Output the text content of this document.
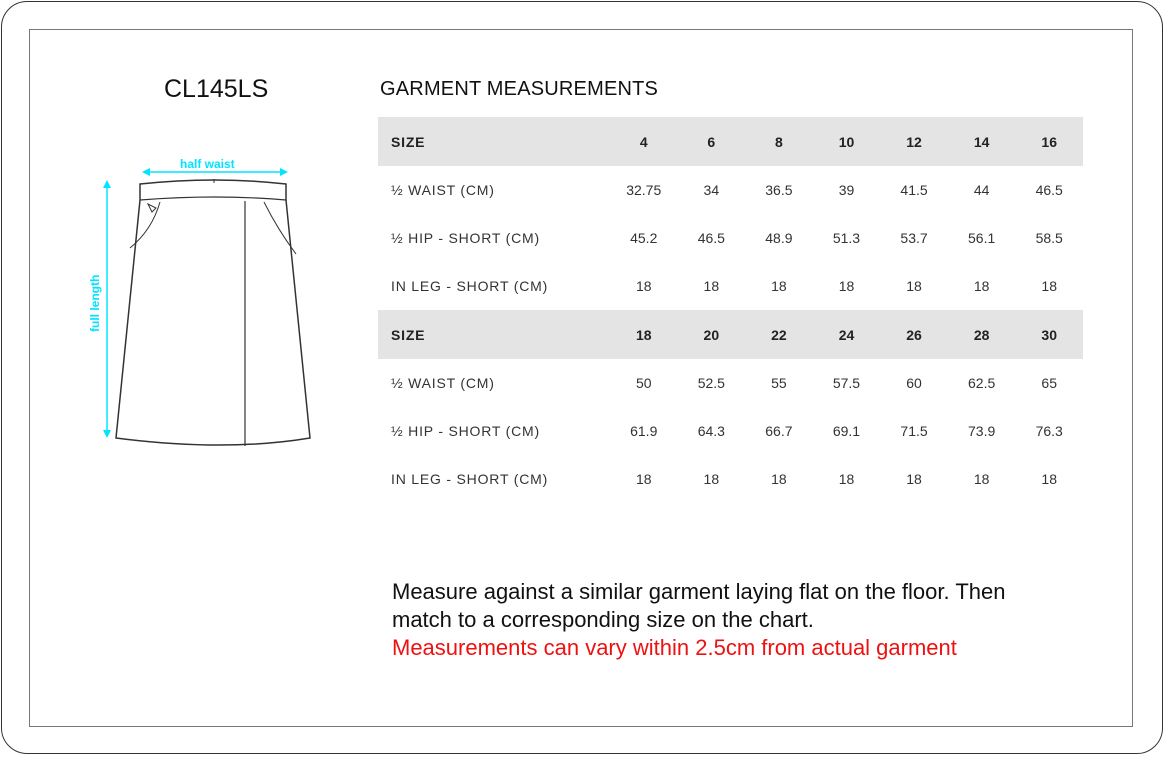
CL145LS
half waist
full length
GARMENT MEASUREMENTS
SIZE	4	6	8	10	12	14	16
½ WAIST (CM)	32.75	34	36.5	39	41.5	44	46.5
½ HIP - SHORT (CM)	45.2	46.5	48.9	51.3	53.7	56.1	58.5
IN LEG - SHORT (CM)	18	18	18	18	18	18	18
SIZE	18	20	22	24	26	28	30
½ WAIST (CM)	50	52.5	55	57.5	60	62.5	65
½ HIP - SHORT (CM)	61.9	64.3	66.7	69.1	71.5	73.9	76.3
IN LEG - SHORT (CM)	18	18	18	18	18	18	18
Measure against a similar garment laying flat on the floor. Then
match to a corresponding size on the chart.
Measurements can vary within 2.5cm from actual garment
